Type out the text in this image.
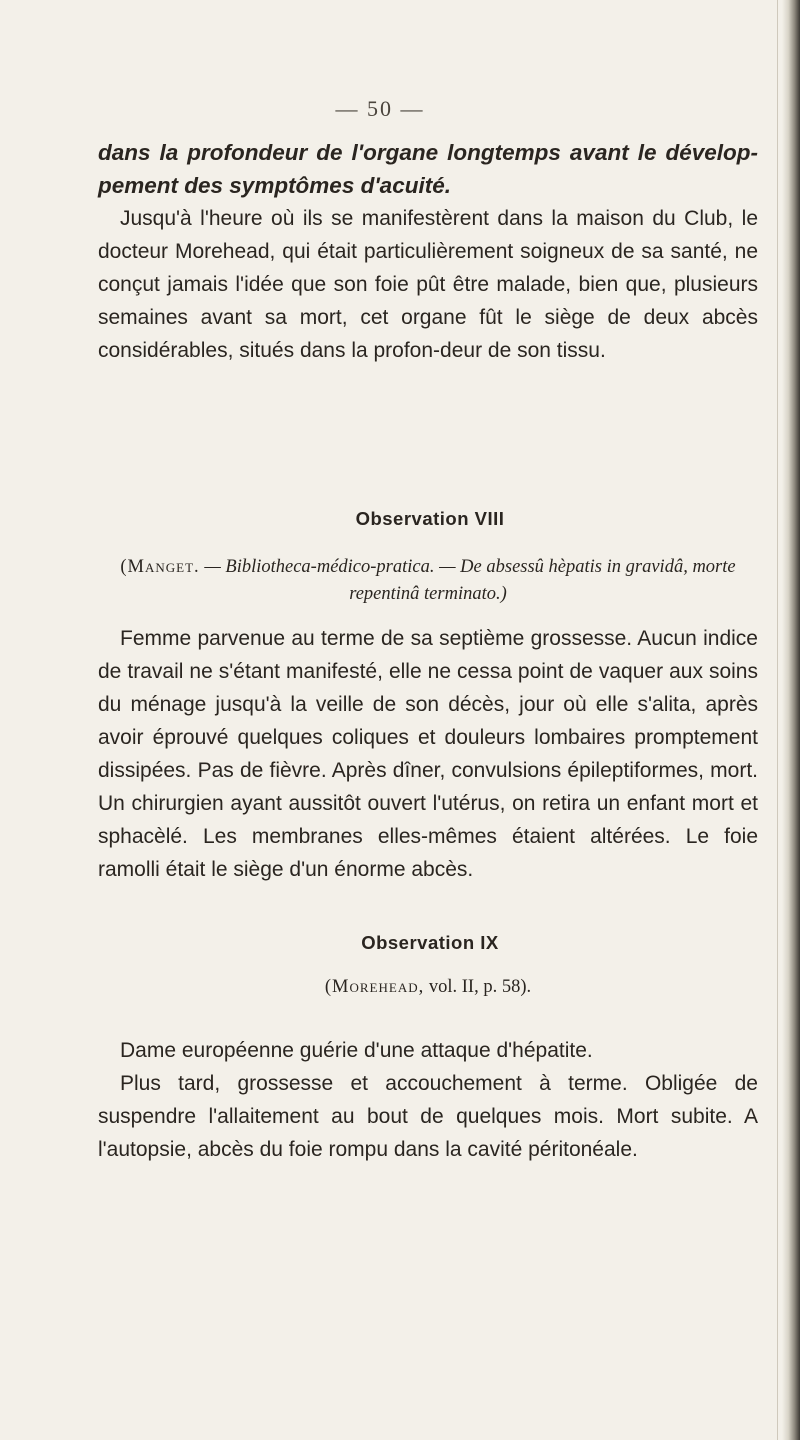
— 50 —

dans la profondeur de l'organe longtemps avant le dévelop-pement des symptômes d'acuité.

Jusqu'à l'heure où ils se manifestèrent dans la maison du Club, le docteur Morehead, qui était particulièrement soigneux de sa santé, ne conçut jamais l'idée que son foie pût être malade, bien que, plusieurs semaines avant sa mort, cet organe fût le siège de deux abcès considérables, situés dans la profon-deur de son tissu.

Observation VIII
(Manget. — Bibliotheca-médico-pratica. — De absessû hèpatis in gravidâ, morte repentinâ terminato.)

Femme parvenue au terme de sa septième grossesse. Aucun indice de travail ne s'étant manifesté, elle ne cessa point de vaquer aux soins du ménage jusqu'à la veille de son décès, jour où elle s'alita, après avoir éprouvé quelques coliques et douleurs lombaires promptement dissipées. Pas de fièvre. Après dîner, convulsions épileptiformes, mort. Un chirurgien ayant aussitôt ouvert l'utérus, on retira un enfant mort et sphacèlé. Les membranes elles-mêmes étaient altérées. Le foie ramolli était le siège d'un énorme abcès.

Observation IX
(Morehead, vol. II, p. 58).

Dame européenne guérie d'une attaque d'hépatite.

Plus tard, grossesse et accouchement à terme. Obligée de suspendre l'allaitement au bout de quelques mois. Mort subite. A l'autopsie, abcès du foie rompu dans la cavité péritonéale.
